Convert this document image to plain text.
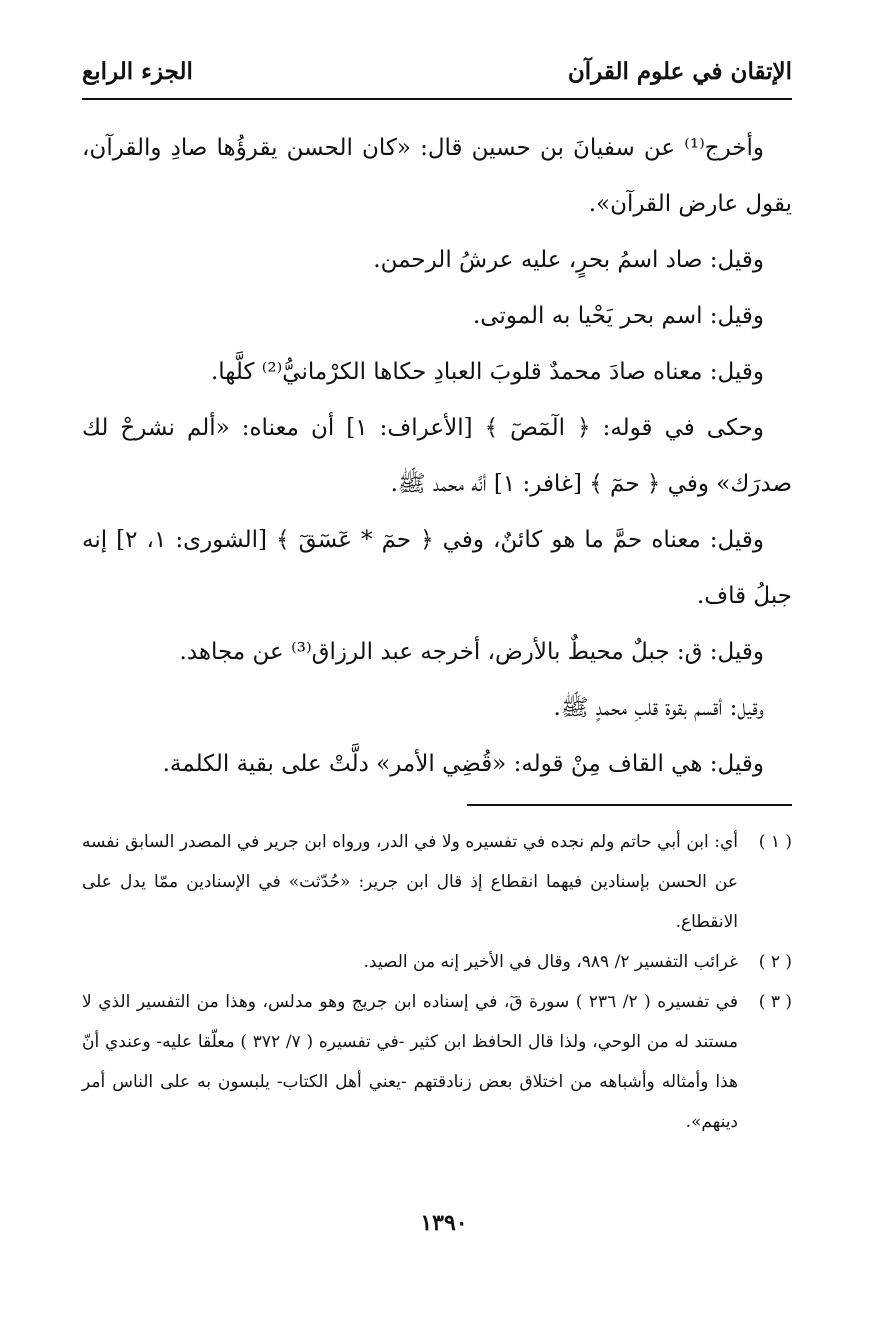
الإتقان في علوم القرآن
الجزء الرابع

وأخرج⁽¹⁾ عن سفيانَ بن حسين قال: «كان الحسن يقرؤُها صادِ والقرآن، يقول عارض القرآن».

وقيل: صاد اسمُ بحرٍ، عليه عرشُ الرحمن.

وقيل: اسم بحر يَحْيا به الموتى.

وقيل: معناه صادَ محمدٌ قلوبَ العبادِ حكاها الكرْمانيُّ⁽²⁾ كلَّها.

وحكى في قوله: ﴿ الٓمٓصٓ ﴾ [الأعراف: ١] أن معناه: «ألم نشرحْ لك صدرَك» وفي ﴿ حمٓ ﴾ [غافر: ١] أنَّه محمد ﷺ.

وقيل: معناه حمَّ ما هو كائنٌ، وفي ﴿ حمٓ * عٓسٓقٓ ﴾ [الشورى: ١، ٢] إنه جبلُ قاف.

وقيل: ق: جبلٌ محيطٌ بالأرض، أخرجه عبد الرزاق⁽³⁾ عن مجاهد.

وقيل: أقسم بقوة قلبِ محمدٍ ﷺ.

وقيل: هي القاف مِنْ قوله: «قُضِي الأمر» دلَّتْ على بقية الكلمة.

( ١ )
أي: ابن أبي حاتم ولم نجده في تفسيره ولا في الدر، ورواه ابن جرير في المصدر السابق نفسه عن الحسن بإسنادين فيهما انقطاع إذ قال ابن جرير: «حُدّثت» في الإسنادين ممّا يدل على الانقطاع.
( ٢ )
غرائب التفسير ٢/ ٩٨٩، وقال في الأخير إنه من الصيد.
( ٣ )
في تفسيره ( ٢/ ٢٣٦ ) سورة قٓ، في إسناده ابن جريج وهو مدلس، وهذا من التفسير الذي لا مستند له من الوحي، ولذا قال الحافظ ابن كثير -في تفسيره ( ٧/ ٣٧٢ ) معلّقا عليه- وعندي أنّ هذا وأمثاله وأشباهه من اختلاق بعض زنادقتهم -يعني أهل الكتاب- يلبسون به على الناس أمر دينهم».
١٣٩٠
